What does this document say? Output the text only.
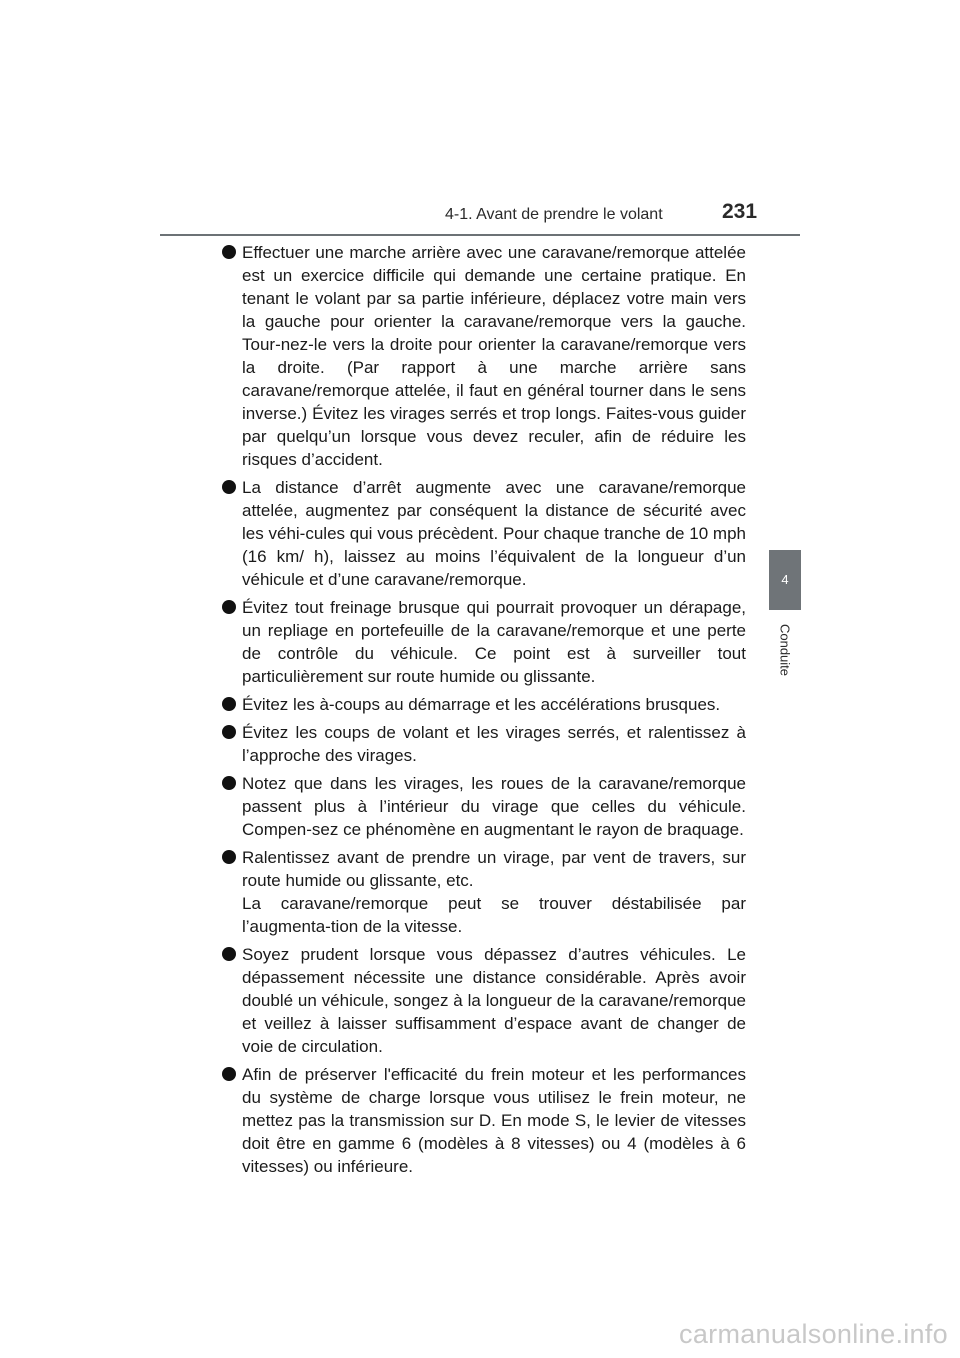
4-1. Avant de prendre le volant	231
4
Conduite
Effectuer une marche arrière avec une caravane/remorque attelée est un exercice difficile qui demande une certaine pratique. En tenant le volant par sa partie inférieure, déplacez votre main vers la gauche pour orienter la caravane/remorque vers la gauche. Tour-nez-le vers la droite pour orienter la caravane/remorque vers la droite. (Par rapport à une marche arrière sans caravane/remorque attelée, il faut en général tourner dans le sens inverse.) Évitez les virages serrés et trop longs. Faites-vous guider par quelqu’un lorsque vous devez reculer, afin de réduire les risques d’accident.
La distance d’arrêt augmente avec une caravane/remorque attelée, augmentez par conséquent la distance de sécurité avec les véhi-cules qui vous précèdent. Pour chaque tranche de 10 mph (16 km/ h), laissez au moins l’équivalent de la longueur d’un véhicule et d’une caravane/remorque.
Évitez tout freinage brusque qui pourrait provoquer un dérapage, un repliage en portefeuille de la caravane/remorque et une perte de contrôle du véhicule. Ce point est à surveiller tout particulièrement sur route humide ou glissante.
Évitez les à-coups au démarrage et les accélérations brusques.
Évitez les coups de volant et les virages serrés, et ralentissez à l’approche des virages.
Notez que dans les virages, les roues de la caravane/remorque passent plus à l’intérieur du virage que celles du véhicule. Compen-sez ce phénomène en augmentant le rayon de braquage.
Ralentissez avant de prendre un virage, par vent de travers, sur route humide ou glissante, etc.
La caravane/remorque peut se trouver déstabilisée par l’augmenta-tion de la vitesse.
Soyez prudent lorsque vous dépassez d’autres véhicules. Le dépassement nécessite une distance considérable. Après avoir doublé un véhicule, songez à la longueur de la caravane/remorque et veillez à laisser suffisamment d’espace avant de changer de voie de circulation.
Afin de préserver l'efficacité du frein moteur et les performances du système de charge lorsque vous utilisez le frein moteur, ne mettez pas la transmission sur D. En mode S, le levier de vitesses doit être en gamme 6 (modèles à 8 vitesses) ou 4 (modèles à 6 vitesses) ou inférieure.
carmanualsonline.info
